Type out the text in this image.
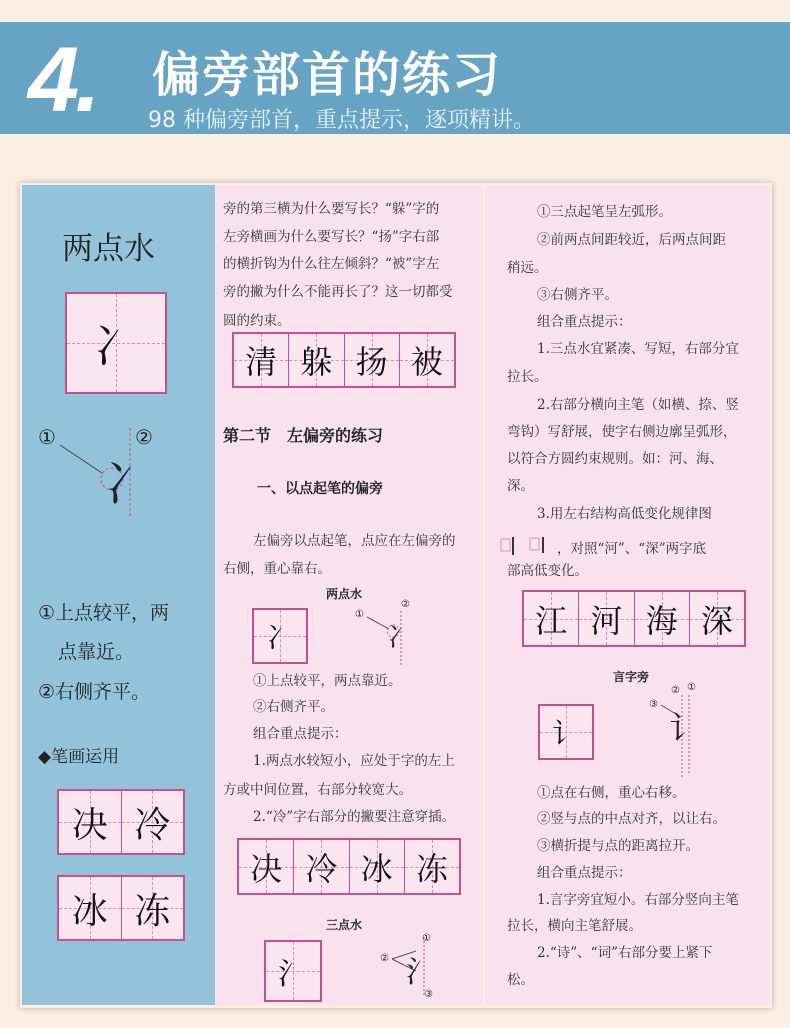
4. 偏旁部首的练习
98 种偏旁部首，重点提示，逐项精讲。
两点水
冫
①	②
冫
①上点较平，两
点靠近。
②右侧齐平。
◆笔画运用
决 冷
冰 冻
旁的第三横为什么要写长？“躲”字的
左旁横画为什么要写长？“扬”字右部
的横折钩为什么往左倾斜？“被”字左
旁的撇为什么不能再长了？这一切都受
圆的约束。
清 躲 扬 被
第二节　左偏旁的练习
一、以点起笔的偏旁
左偏旁以点起笔，点应在左偏旁的
右侧，重心靠右。
两点水
冫
①
②
冫
①上点较平，两点靠近。
②右侧齐平。
组合重点提示：
1.两点水较短小，应处于字的左上
方或中间位置，右部分较宽大。
2.“冷”字右部分的撇要注意穿插。
决 冷 冰 冻
三点水
氵
①
②
③
氵
①三点起笔呈左弧形。
②前两点间距较近，后两点间距
稍远。
③右侧齐平。
组合重点提示：
1.三点水宜紧凑、写短，右部分宜
拉长。
2.右部分横向主笔（如横、捺、竖
弯钩）写舒展，使字右侧边廓呈弧形，
以符合方圆约束规则。如：河、海、
深。
3.用左右结构高低变化规律图
，对照“河”、“深”两字底
部高低变化。
江 河 海 深
言字旁
讠
② ①
③
讠
①点在右侧，重心右移。
②竖与点的中点对齐，以让右。
③横折提与点的距离拉开。
组合重点提示：
1.言字旁宜短小。右部分竖向主笔
拉长，横向主笔舒展。
2.“诗”、“词”右部分要上紧下
松。
